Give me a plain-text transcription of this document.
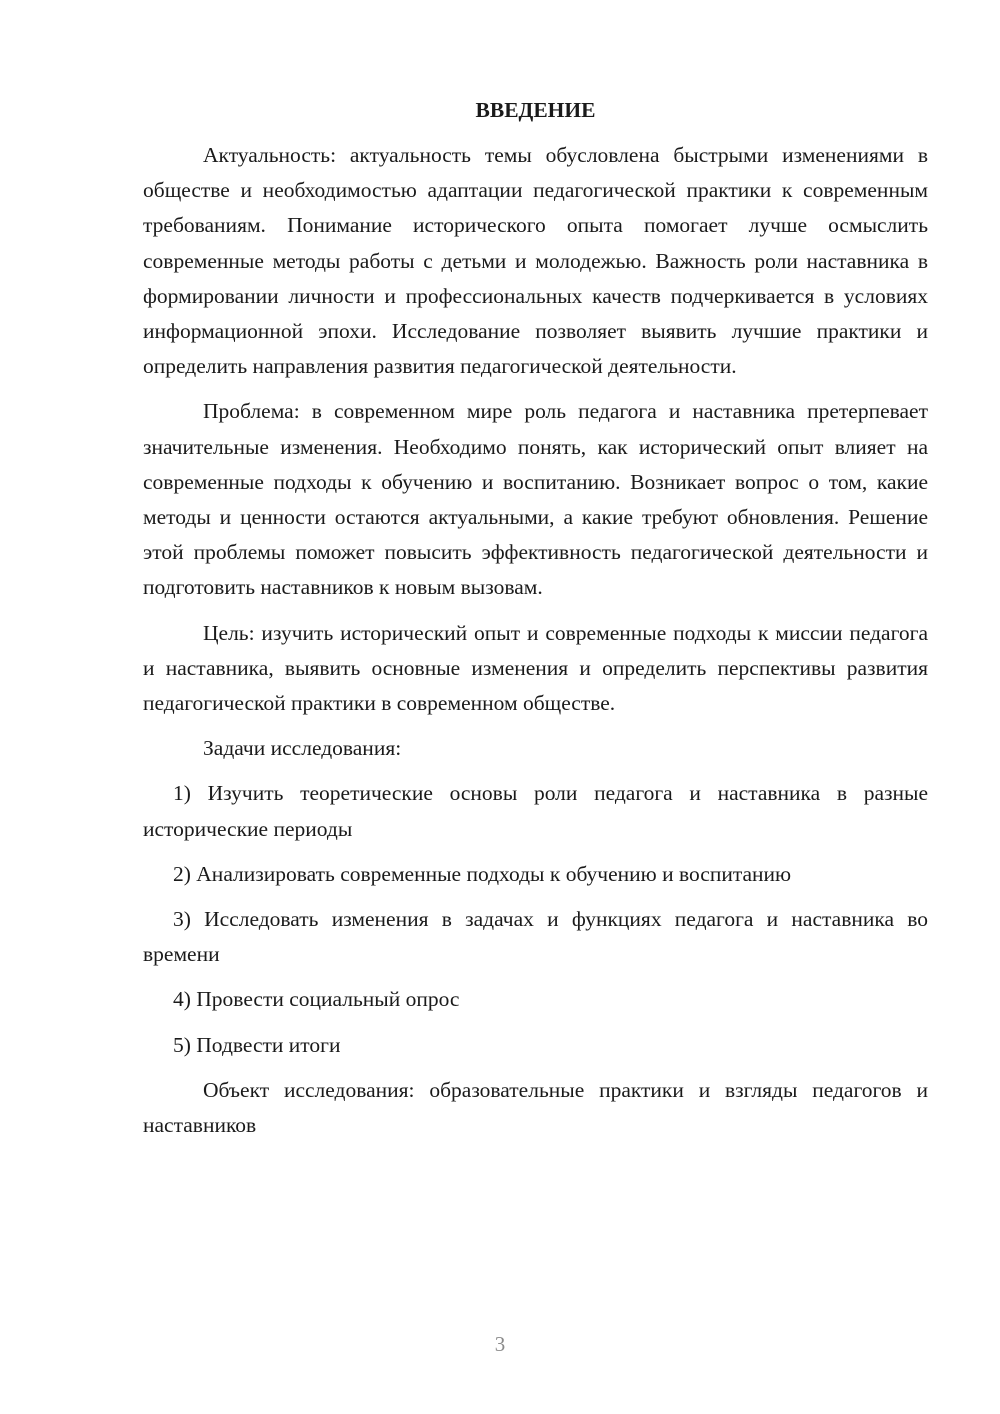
ВВЕДЕНИЕ

Актуальность: актуальность темы обусловлена быстрыми изменениями в обществе и необходимостью адаптации педагогической практики к современным требованиям. Понимание исторического опыта помогает лучше осмыслить современные методы работы с детьми и молодежью. Важность роли наставника в формировании личности и профессиональных качеств подчеркивается в условиях информационной эпохи. Исследование позволяет выявить лучшие практики и определить направления развития педагогической деятельности.

Проблема: в современном мире роль педагога и наставника претерпевает значительные изменения. Необходимо понять, как исторический опыт влияет на современные подходы к обучению и воспитанию. Возникает вопрос о том, какие методы и ценности остаются актуальными, а какие требуют обновления. Решение этой проблемы поможет повысить эффективность педагогической деятельности и подготовить наставников к новым вызовам.

Цель: изучить исторический опыт и современные подходы к миссии педагога и наставника, выявить основные изменения и определить перспективы развития педагогической практики в современном обществе.

Задачи исследования:

1) Изучить теоретические основы роли педагога и наставника в разные исторические периоды

2) Анализировать современные подходы к обучению и воспитанию

3) Исследовать изменения в задачах и функциях педагога и наставника во времени

4) Провести социальный опрос

5) Подвести итоги

Объект исследования: образовательные практики и взгляды педагогов и наставников

3
